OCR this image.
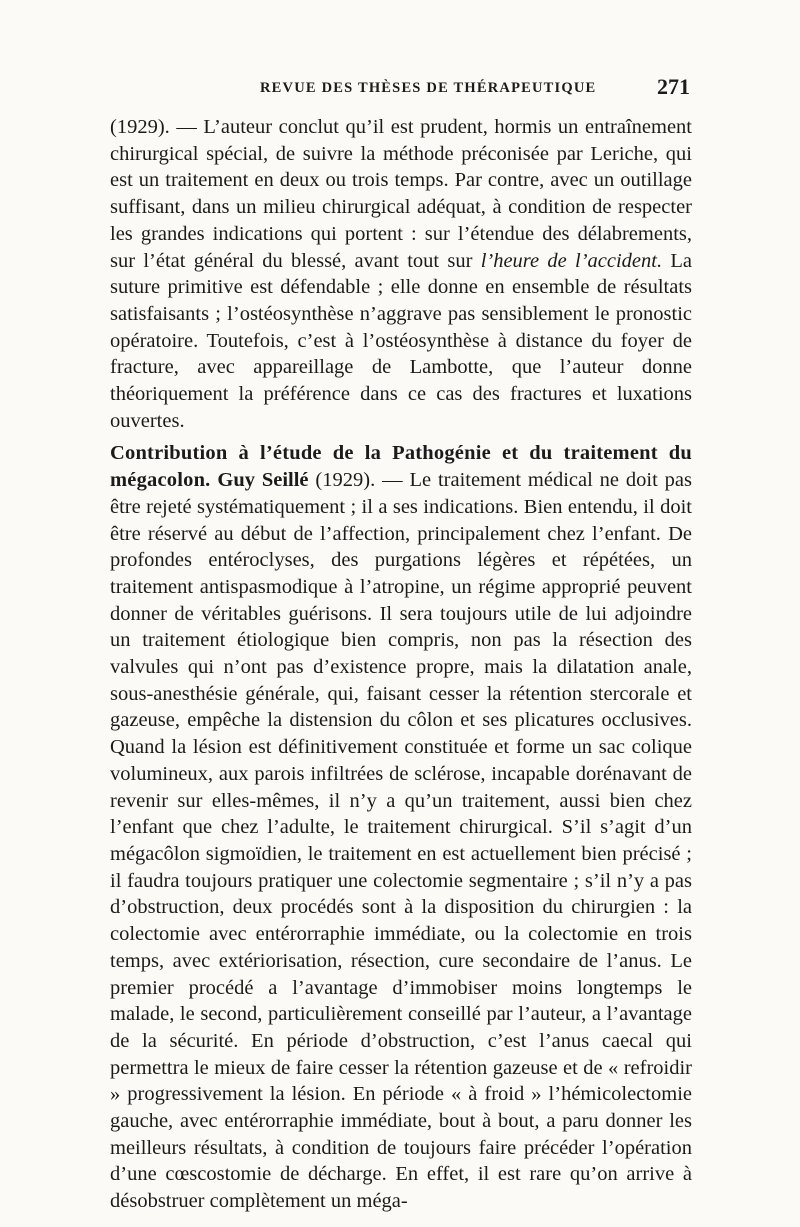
REVUE DES THÈSES DE THÉRAPEUTIQUE	271

(1929). — L’auteur conclut qu’il est prudent, hormis un entraînement chirurgical spécial, de suivre la méthode préconisée par Leriche, qui est un traitement en deux ou trois temps. Par contre, avec un outillage suffisant, dans un milieu chirurgical adéquat, à condition de respecter les grandes indications qui portent : sur l’étendue des délabrements, sur l’état général du blessé, avant tout sur l’heure de l’accident. La suture primitive est défendable ; elle donne en ensemble de résultats satisfaisants ; l’ostéosynthèse n’aggrave pas sensiblement le pronostic opératoire. Toutefois, c’est à l’ostéosynthèse à distance du foyer de fracture, avec appareillage de Lambotte, que l’auteur donne théoriquement la préférence dans ce cas des fractures et luxations ouvertes.

Contribution à l’étude de la Pathogénie et du traitement du mégacolon. Guy Seillé (1929). — Le traitement médical ne doit pas être rejeté systématiquement ; il a ses indications. Bien entendu, il doit être réservé au début de l’affection, principalement chez l’enfant. De profondes entéroclyses, des purgations légères et répétées, un traitement antispasmodique à l’atropine, un régime approprié peuvent donner de véritables guérisons. Il sera toujours utile de lui adjoindre un traitement étiologique bien compris, non pas la résection des valvules qui n’ont pas d’existence propre, mais la dilatation anale, sous-anesthésie générale, qui, faisant cesser la rétention stercorale et gazeuse, empêche la distension du côlon et ses plicatures occlusives. Quand la lésion est définitivement constituée et forme un sac colique volumineux, aux parois infiltrées de sclérose, incapable dorénavant de revenir sur elles-mêmes, il n’y a qu’un traitement, aussi bien chez l’enfant que chez l’adulte, le traitement chirurgical. S’il s’agit d’un mégacôlon sigmoïdien, le traitement en est actuellement bien précisé ; il faudra toujours pratiquer une colectomie segmentaire ; s’il n’y a pas d’obstruction, deux procédés sont à la disposition du chirurgien : la colectomie avec entérorraphie immédiate, ou la colectomie en trois temps, avec extériorisation, résection, cure secondaire de l’anus. Le premier procédé a l’avantage d’immobiser moins longtemps le malade, le second, particulièrement conseillé par l’auteur, a l’avantage de la sécurité. En période d’obstruction, c’est l’anus caecal qui permettra le mieux de faire cesser la rétention gazeuse et de « refroidir » progressivement la lésion. En période « à froid » l’hémicolectomie gauche, avec entérorraphie immédiate, bout à bout, a paru donner les meilleurs résultats, à condition de toujours faire précéder l’opération d’une cœscostomie de décharge. En effet, il est rare qu’on arrive à désobstruer complètement un méga-
